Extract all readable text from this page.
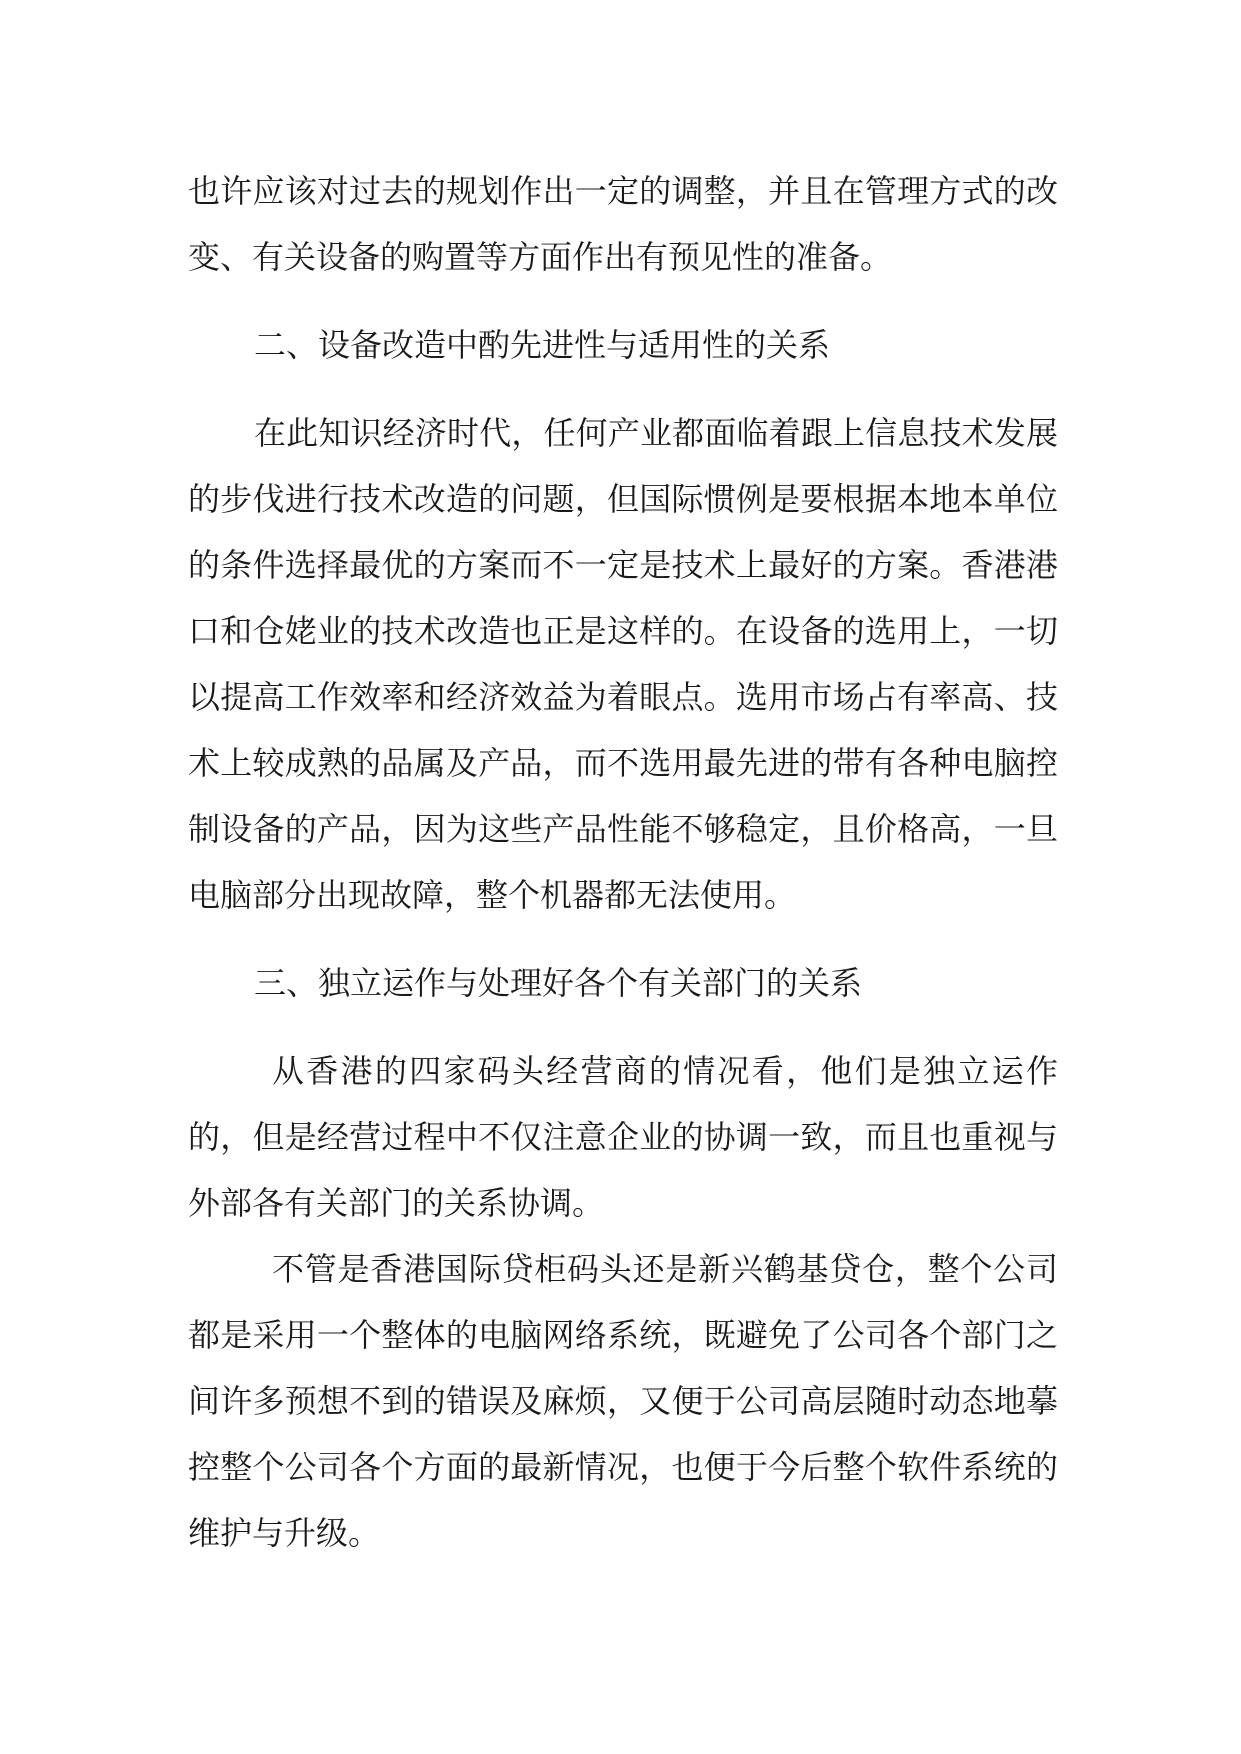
也许应该对过去的规划作出一定的调整，并且在管理方式的改变、有关设备的购置等方面作出有预见性的准备。

二、设备改造中酌先进性与适用性的关系

在此知识经济时代，任何产业都面临着跟上信息技术发展的步伐进行技术改造的问题，但国际惯例是要根据本地本单位的条件选择最优的方案而不一定是技术上最好的方案。香港港口和仓姥业的技术改造也正是这样的。在设备的选用上，一切以提高工作效率和经济效益为着眼点。选用市场占有率高、技术上较成熟的品属及产品，而不选用最先进的带有各种电脑控制设备的产品，因为这些产品性能不够稳定，且价格高，一旦电脑部分出现故障，整个机器都无法使用。

三、独立运作与处理好各个有关部门的关系

从香港的四家码头经营商的情况看，他们是独立运作的，但是经营过程中不仅注意企业的协调一致，而且也重视与外部各有关部门的关系协调。

不管是香港国际贷柜码头还是新兴鹤基贷仓，整个公司都是采用一个整体的电脑网络系统，既避免了公司各个部门之间许多预想不到的错误及麻烦，又便于公司高层随时动态地摹控整个公司各个方面的最新情况，也便于今后整个软件系统的维护与升级。
